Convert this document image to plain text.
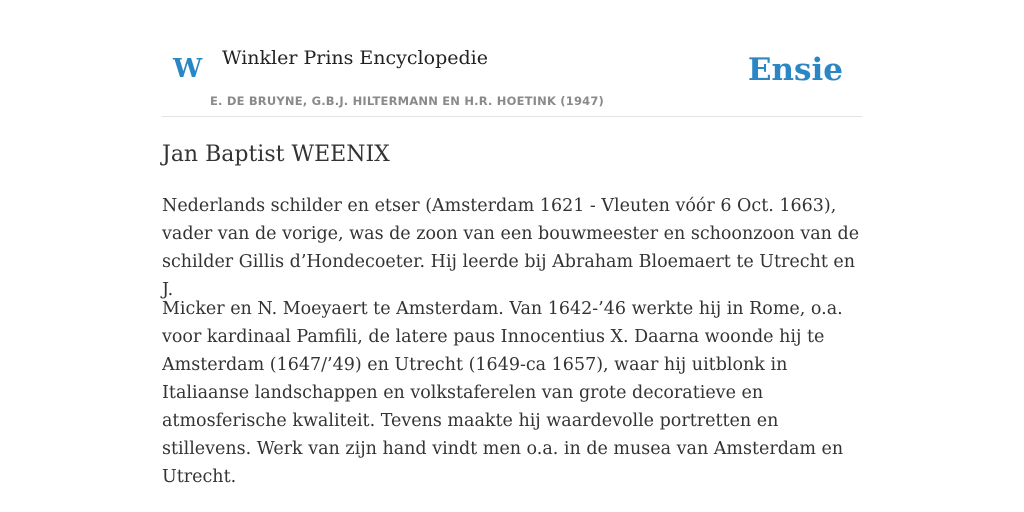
W Winkler Prins Encyclopedie
E. DE BRUYNE, G.B.J. HILTERMANN EN H.R. HOETINK (1947)
Ensie
Jan Baptist WEENIX

Nederlands schilder en etser (Amsterdam 1621 - Vleuten vóór 6 Oct. 1663), vader van de vorige, was de zoon van een bouwmeester en schoonzoon van de schilder Gillis d’Hondecoeter. Hij leerde bij Abraham Bloemaert te Utrecht en J.

Micker en N. Moeyaert te Amsterdam. Van 1642-’46 werkte hij in Rome, o.a. voor kardinaal Pamfili, de latere paus Innocentius X. Daarna woonde hij te Amsterdam (1647/’49) en Utrecht (1649-ca 1657), waar hij uitblonk in Italiaanse landschappen en volkstaferelen van grote decoratieve en atmosferische kwaliteit. Tevens maakte hij waardevolle portretten en stillevens. Werk van zijn hand vindt men o.a. in de musea van Amsterdam en Utrecht.
